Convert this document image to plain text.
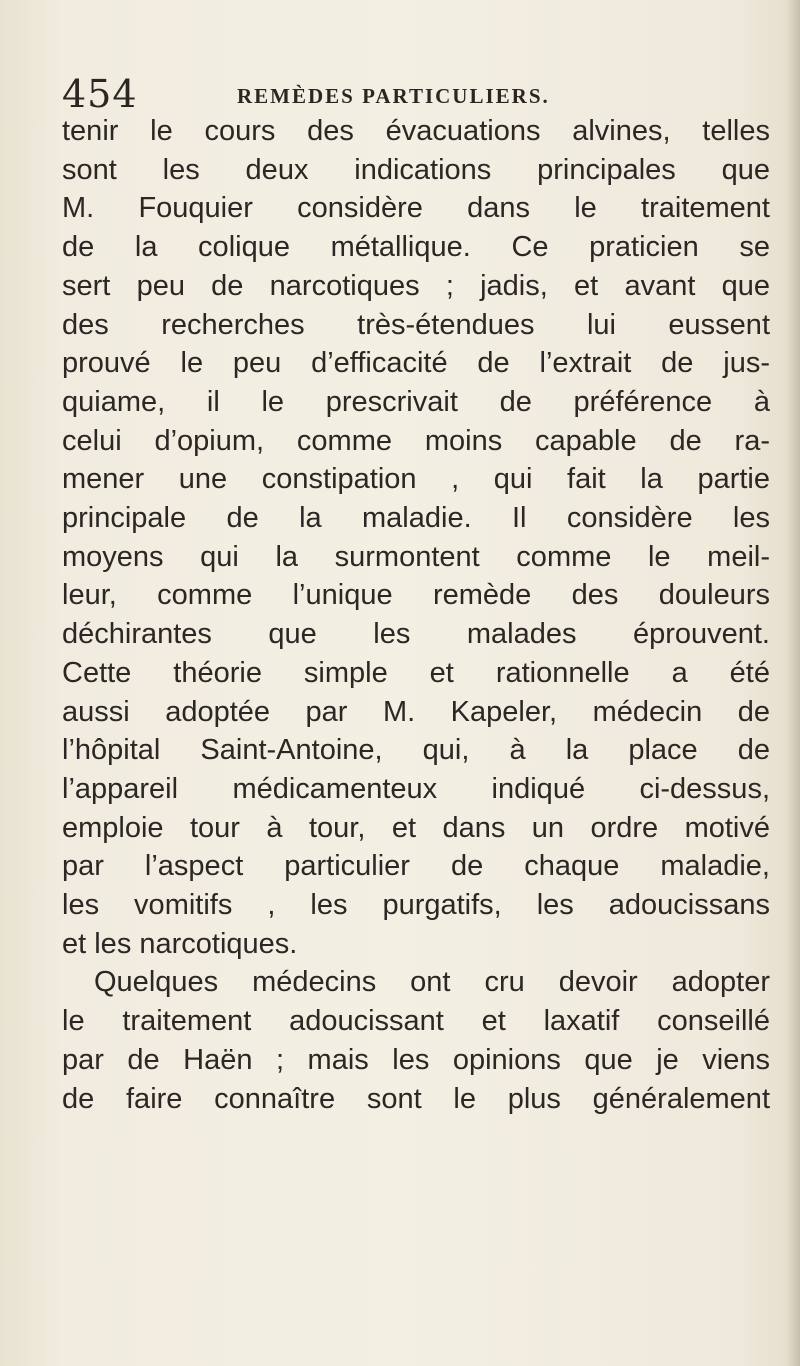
454	REMÈDES PARTICULIERS.
tenir le cours des évacuations alvines, telles
sont les deux indications principales que
M. Fouquier considère dans le traitement
de la colique métallique. Ce praticien se
sert peu de narcotiques ; jadis, et avant que
des recherches très-étendues lui eussent
prouvé le peu d’efficacité de l’extrait de jus-
quiame, il le prescrivait de préférence à
celui d’opium, comme moins capable de ra-
mener une constipation , qui fait la partie
principale de la maladie. Il considère les
moyens qui la surmontent comme le meil-
leur, comme l’unique remède des douleurs
déchirantes que les malades éprouvent.
Cette théorie simple et rationnelle a été
aussi adoptée par M. Kapeler, médecin de
l’hôpital Saint-Antoine, qui, à la place de
l’appareil médicamenteux indiqué ci-dessus,
emploie tour à tour, et dans un ordre motivé
par l’aspect particulier de chaque maladie,
les vomitifs , les purgatifs, les adoucissans
et les narcotiques.
Quelques médecins ont cru devoir adopter
le traitement adoucissant et laxatif conseillé
par de Haën ; mais les opinions que je viens
de faire connaître sont le plus généralement
